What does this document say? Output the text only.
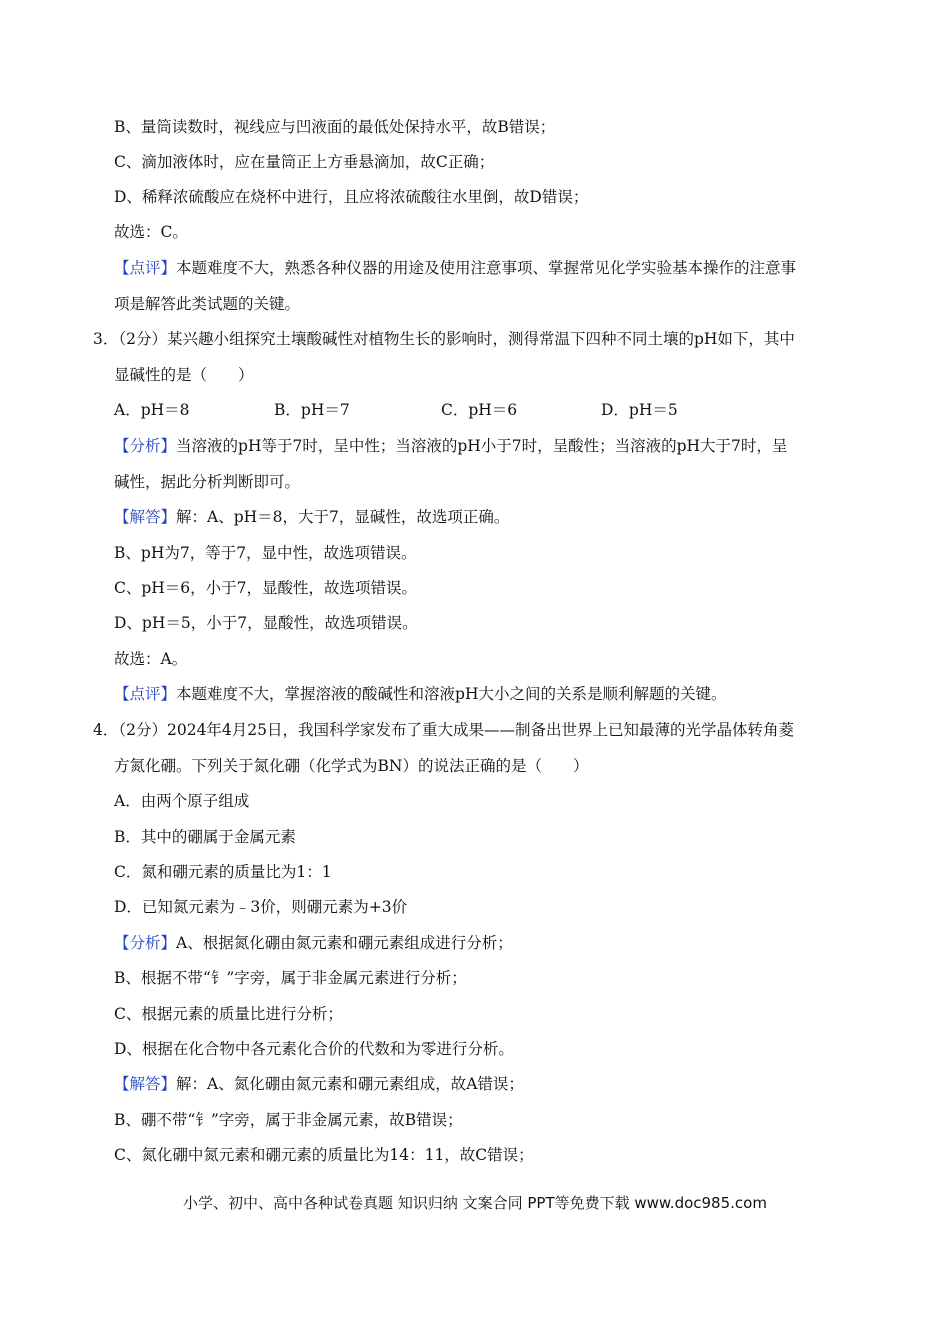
B、量筒读数时，视线应与凹液面的最低处保持水平，故B错误；
C、滴加液体时，应在量筒正上方垂悬滴加，故C正确；
D、稀释浓硫酸应在烧杯中进行，且应将浓硫酸往水里倒，故D错误；
故选：C。
【点评】本题难度不大，熟悉各种仪器的用途及使用注意事项、掌握常见化学实验基本操作的注意事
项是解答此类试题的关键。
3．（2分）某兴趣小组探究土壤酸碱性对植物生长的影响时，测得常温下四种不同土壤的pH如下，其中
显碱性的是（　　）
A．pH＝8	B．pH＝7	C．pH＝6	D．pH＝5
【分析】当溶液的pH等于7时，呈中性；当溶液的pH小于7时，呈酸性；当溶液的pH大于7时，呈
碱性，据此分析判断即可。
【解答】解：A、pH＝8，大于7，显碱性，故选项正确。
B、pH为7，等于7，显中性，故选项错误。
C、pH＝6，小于7，显酸性，故选项错误。
D、pH＝5，小于7，显酸性，故选项错误。
故选：A。
【点评】本题难度不大，掌握溶液的酸碱性和溶液pH大小之间的关系是顺利解题的关键。
4．（2分）2024年4月25日，我国科学家发布了重大成果——制备出世界上已知最薄的光学晶体转角菱
方氮化硼。下列关于氮化硼（化学式为BN）的说法正确的是（　　）
A．由两个原子组成
B．其中的硼属于金属元素
C．氮和硼元素的质量比为1：1
D．已知氮元素为﹣3价，则硼元素为+3价
【分析】A、根据氮化硼由氮元素和硼元素组成进行分析；
B、根据不带“钅”字旁，属于非金属元素进行分析；
C、根据元素的质量比进行分析；
D、根据在化合物中各元素化合价的代数和为零进行分析。
【解答】解：A、氮化硼由氮元素和硼元素组成，故A错误；
B、硼不带“钅”字旁，属于非金属元素，故B错误；
C、氮化硼中氮元素和硼元素的质量比为14：11，故C错误；
小学、初中、高中各种试卷真题 知识归纳 文案合同 PPT等免费下载 www.doc985.com
